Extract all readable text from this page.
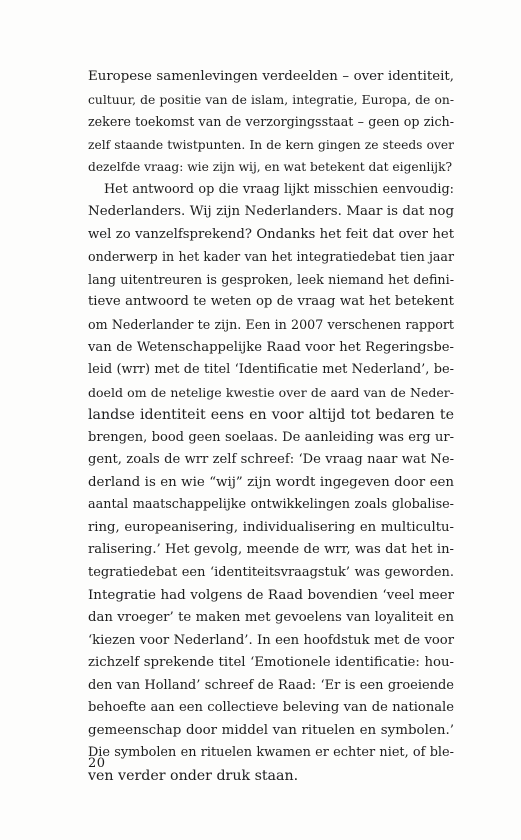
Europese samenlevingen verdeelden – over identiteit,
cultuur, de positie van de islam, integratie, Europa, de on-
zekere toekomst van de verzorgingsstaat – geen op zich-
zelf staande twistpunten. In de kern gingen ze steeds over
dezelfde vraag: wie zijn wij, en wat betekent dat eigenlijk?
Het antwoord op die vraag lijkt misschien eenvoudig:
Nederlanders. Wij zijn Nederlanders. Maar is dat nog
wel zo vanzelfsprekend? Ondanks het feit dat over het
onderwerp in het kader van het integratiedebat tien jaar
lang uitentreuren is gesproken, leek niemand het defini-
tieve antwoord te weten op de vraag wat het betekent
om Nederlander te zijn. Een in 2007 verschenen rapport
van de Wetenschappelijke Raad voor het Regeringsbe-
leid (wrr) met de titel ‘Identificatie met Nederland’, be-
doeld om de netelige kwestie over de aard van de Neder-
landse identiteit eens en voor altijd tot bedaren te
brengen, bood geen soelaas. De aanleiding was erg ur-
gent, zoals de wrr zelf schreef: ‘De vraag naar wat Ne-
derland is en wie “wij” zijn wordt ingegeven door een
aantal maatschappelijke ontwikkelingen zoals globalise-
ring, europeanisering, individualisering en multicultu-
ralisering.’ Het gevolg, meende de wrr, was dat het in-
tegratiedebat een ‘identiteitsvraagstuk’ was geworden.
Integratie had volgens de Raad bovendien ‘veel meer
dan vroeger’ te maken met gevoelens van loyaliteit en
‘kiezen voor Nederland’. In een hoofdstuk met de voor
zichzelf sprekende titel ‘Emotionele identificatie: hou-
den van Holland’ schreef de Raad: ‘Er is een groeiende
behoefte aan een collectieve beleving van de nationale
gemeenschap door middel van rituelen en symbolen.’
Die symbolen en rituelen kwamen er echter niet, of ble-
ven verder onder druk staan.
20
